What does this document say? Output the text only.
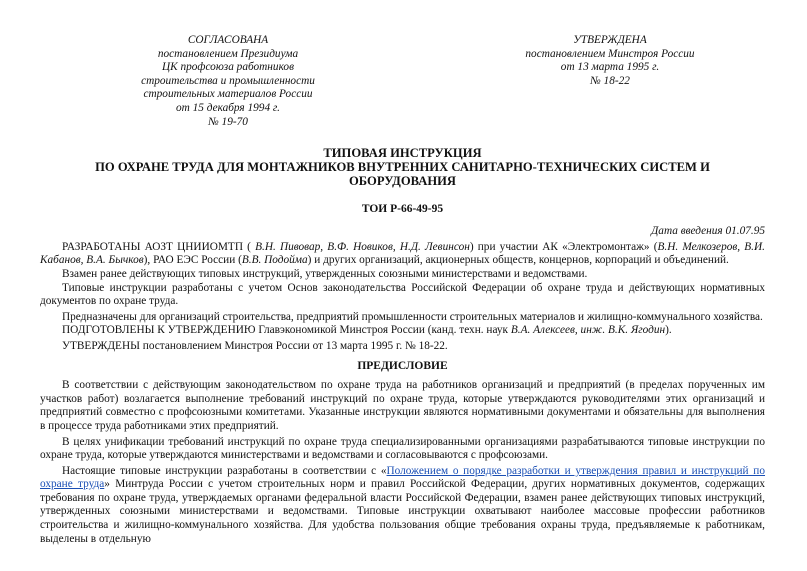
СОГЛАСОВАНА
постановлением Президиума
ЦК профсоюза работников
строительства и промышленности
строительных материалов России
от 15 декабря 1994 г.
№ 19-70
УТВЕРЖДЕНА
постановлением Минстроя России
от 13 марта 1995 г.
№ 18-22
ТИПОВАЯ ИНСТРУКЦИЯ
ПО ОХРАНЕ ТРУДА ДЛЯ МОНТАЖНИКОВ ВНУТРЕННИХ САНИТАРНО-ТЕХНИЧЕСКИХ СИСТЕМ И
ОБОРУДОВАНИЯ
ТОИ Р-66-49-95
Дата введения 01.07.95

РАЗРАБОТАНЫ АОЗТ ЦНИИОМТП ( В.Н. Пивовар, В.Ф. Новиков, Н.Д. Левинсон) при участии АК «Электромонтаж» (В.Н. Мелкозеров, В.И. Кабанов, В.А. Бычков), РАО ЕЭС России (В.В. Подойма) и других организаций, акционерных обществ, концернов, корпораций и объединений.

Взамен ранее действующих типовых инструкций, утвержденных союзными министерствами и ведомствами.

Типовые инструкции разработаны с учетом Основ законодательства Российской Федерации об охране труда и действующих нормативных документов по охране труда.

Предназначены для организаций строительства, предприятий промышленности строительных материалов и жилищно-коммунального хозяйства.

ПОДГОТОВЛЕНЫ К УТВЕРЖДЕНИЮ Главэкономикой Минстроя России (канд. техн. наук В.А. Алексеев, инж. В.К. Ягодин).

УТВЕРЖДЕНЫ постановлением Минстроя России от 13 марта 1995 г. № 18-22.

ПРЕДИСЛОВИЕ

В соответствии с действующим законодательством по охране труда на работников организаций и предприятий (в пределах порученных им участков работ) возлагается выполнение требований инструкций по охране труда, которые утверждаются руководителями этих организаций и предприятий совместно с профсоюзными комитетами. Указанные инструкции являются нормативными документами и обязательны для выполнения в процессе труда работниками этих предприятий.

В целях унификации требований инструкций по охране труда специализированными организациями разрабатываются типовые инструкции по охране труда, которые утверждаются министерствами и ведомствами и согласовываются с профсоюзами.

Настоящие типовые инструкции разработаны в соответствии с «Положением о порядке разработки и утверждения правил и инструкций по охране труда» Минтруда России с учетом строительных норм и правил Российской Федерации, других нормативных документов, содержащих требования по охране труда, утверждаемых органами федеральной власти Российской Федерации, взамен ранее действующих типовых инструкций, утвержденных союзными министерствами и ведомствами. Типовые инструкции охватывают наиболее массовые профессии работников строительства и жилищно-коммунального хозяйства. Для удобства пользования общие требования охраны труда, предъявляемые к работникам, выделены в отдельную
